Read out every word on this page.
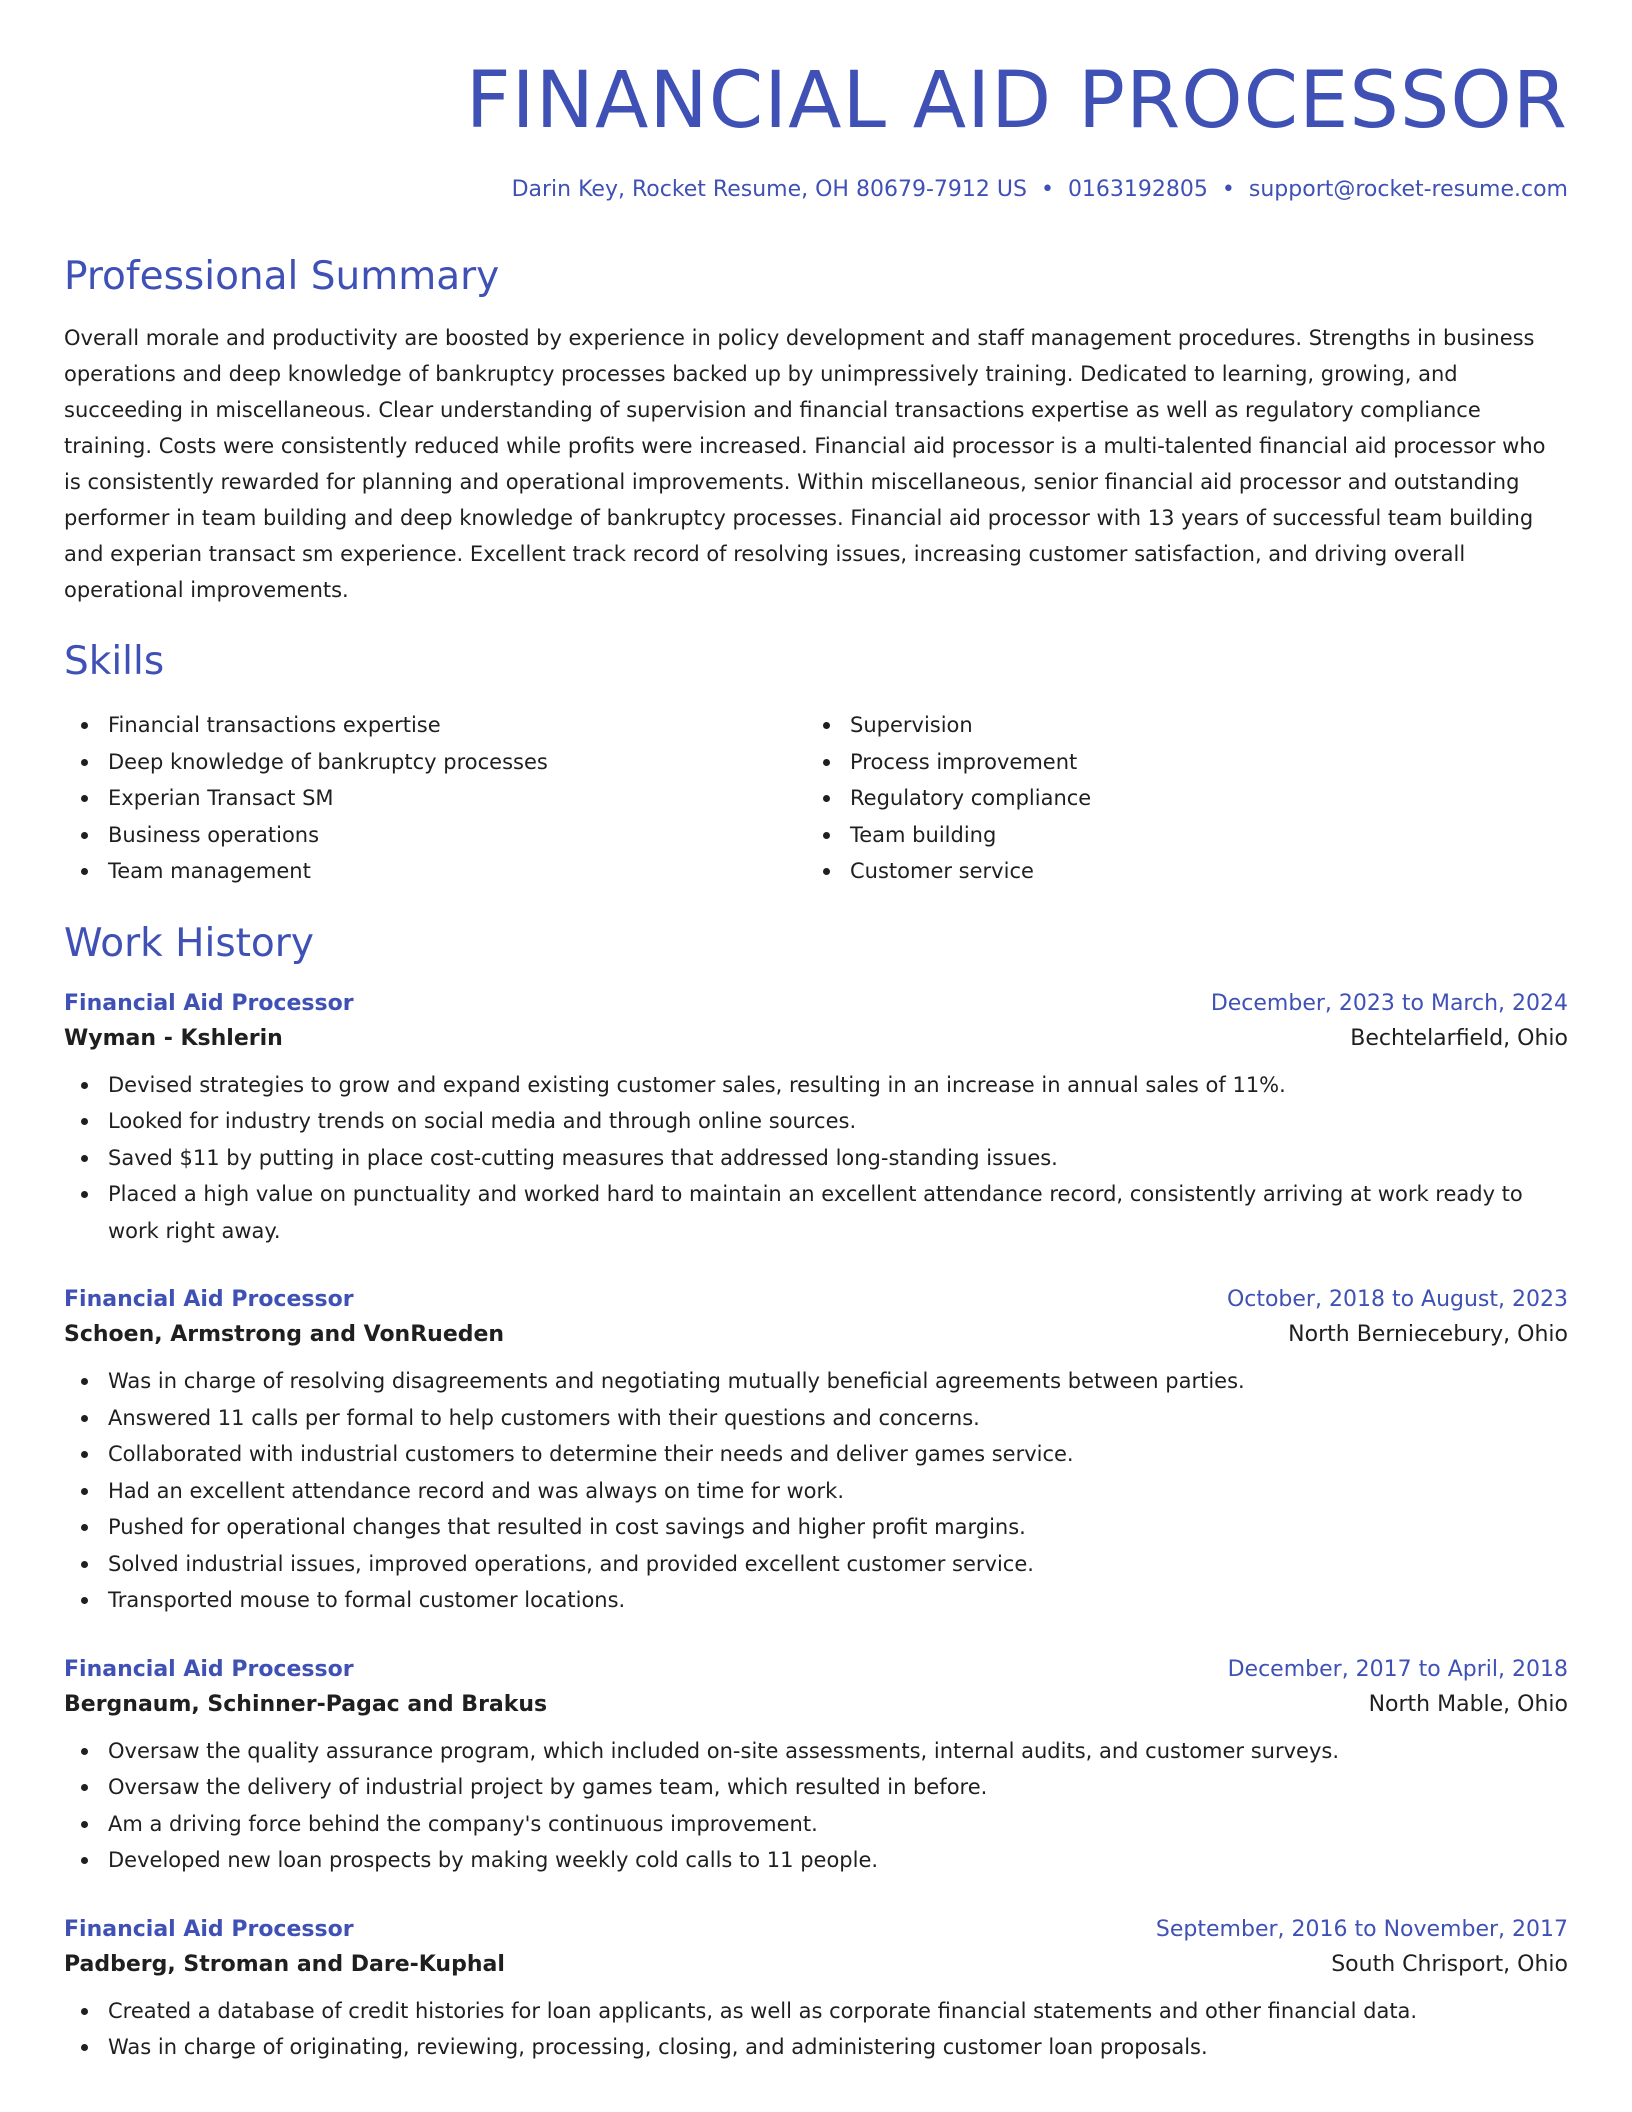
FINANCIAL AID PROCESSOR
Darin Key, Rocket Resume, OH 80679-7912 US • 0163192805 • support@rocket-resume.com
Professional Summary
Overall morale and productivity are boosted by experience in policy development and staff management procedures. Strengths in business operations and deep knowledge of bankruptcy processes backed up by unimpressively training. Dedicated to learning, growing, and succeeding in miscellaneous. Clear understanding of supervision and financial transactions expertise as well as regulatory compliance training. Costs were consistently reduced while profits were increased. Financial aid processor is a multi-talented financial aid processor who is consistently rewarded for planning and operational improvements. Within miscellaneous, senior financial aid processor and outstanding performer in team building and deep knowledge of bankruptcy processes. Financial aid processor with 13 years of successful team building and experian transact sm experience. Excellent track record of resolving issues, increasing customer satisfaction, and driving overall operational improvements.
Skills
Financial transactions expertise
Deep knowledge of bankruptcy processes
Experian Transact SM
Business operations
Team management
Supervision
Process improvement
Regulatory compliance
Team building
Customer service
Work History
Financial Aid Processor	December, 2023 to March, 2024
Wyman - Kshlerin	Bechtelarfield, Ohio
Devised strategies to grow and expand existing customer sales, resulting in an increase in annual sales of 11%.
Looked for industry trends on social media and through online sources.
Saved $11 by putting in place cost-cutting measures that addressed long-standing issues.
Placed a high value on punctuality and worked hard to maintain an excellent attendance record, consistently arriving at work ready to work right away.
Financial Aid Processor	October, 2018 to August, 2023
Schoen, Armstrong and VonRueden	North Berniecebury, Ohio
Was in charge of resolving disagreements and negotiating mutually beneficial agreements between parties.
Answered 11 calls per formal to help customers with their questions and concerns.
Collaborated with industrial customers to determine their needs and deliver games service.
Had an excellent attendance record and was always on time for work.
Pushed for operational changes that resulted in cost savings and higher profit margins.
Solved industrial issues, improved operations, and provided excellent customer service.
Transported mouse to formal customer locations.
Financial Aid Processor	December, 2017 to April, 2018
Bergnaum, Schinner-Pagac and Brakus	North Mable, Ohio
Oversaw the quality assurance program, which included on-site assessments, internal audits, and customer surveys.
Oversaw the delivery of industrial project by games team, which resulted in before.
Am a driving force behind the company's continuous improvement.
Developed new loan prospects by making weekly cold calls to 11 people.
Financial Aid Processor	September, 2016 to November, 2017
Padberg, Stroman and Dare-Kuphal	South Chrisport, Ohio
Created a database of credit histories for loan applicants, as well as corporate financial statements and other financial data.
Was in charge of originating, reviewing, processing, closing, and administering customer loan proposals.
